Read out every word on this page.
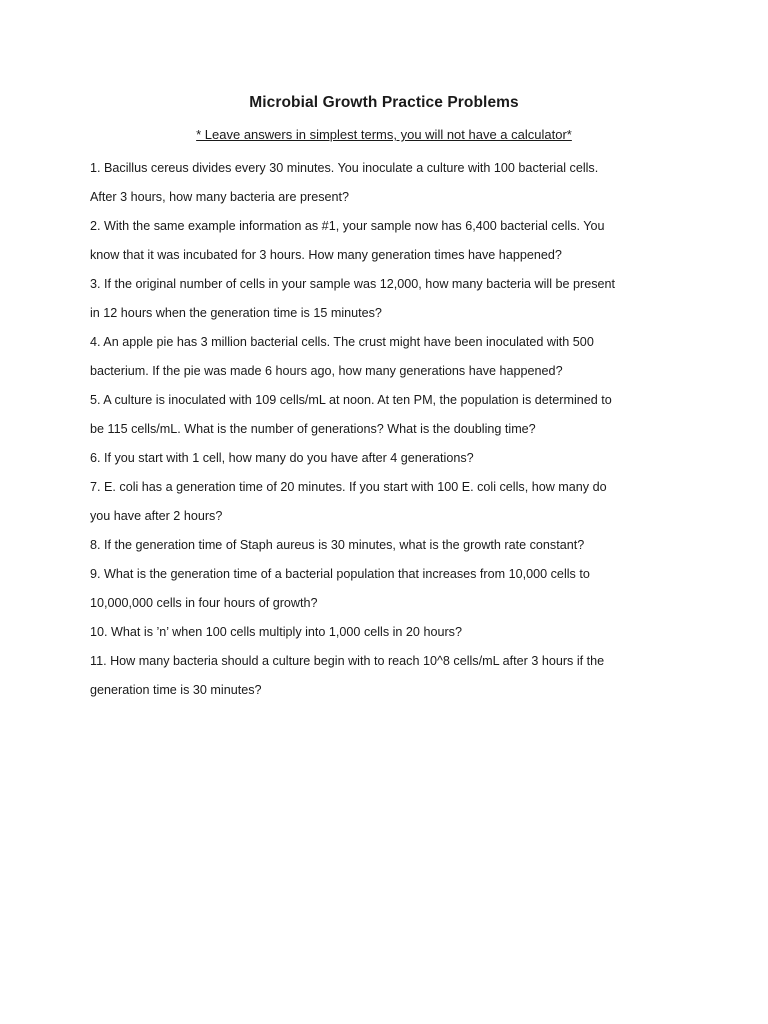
Microbial Growth Practice Problems
* Leave answers in simplest terms, you will not have a calculator*
1. Bacillus cereus divides every 30 minutes. You inoculate a culture with 100 bacterial cells.
After 3 hours, how many bacteria are present?
2. With the same example information as #1, your sample now has 6,400 bacterial cells. You
know that it was incubated for 3 hours. How many generation times have happened?
3. If the original number of cells in your sample was 12,000, how many bacteria will be present
in 12 hours when the generation time is 15 minutes?
4. An apple pie has 3 million bacterial cells. The crust might have been inoculated with 500
bacterium. If the pie was made 6 hours ago, how many generations have happened?
5. A culture is inoculated with 109 cells/mL at noon. At ten PM, the population is determined to
be 115 cells/mL. What is the number of generations? What is the doubling time?
6. If you start with 1 cell, how many do you have after 4 generations?
7. E. coli has a generation time of 20 minutes. If you start with 100 E. coli cells, how many do
you have after 2 hours?
8. If the generation time of Staph aureus is 30 minutes, what is the growth rate constant?
9. What is the generation time of a bacterial population that increases from 10,000 cells to
10,000,000 cells in four hours of growth?
10. What is ’n’ when 100 cells multiply into 1,000 cells in 20 hours?
11. How many bacteria should a culture begin with to reach 10^8 cells/mL after 3 hours if the
generation time is 30 minutes?
